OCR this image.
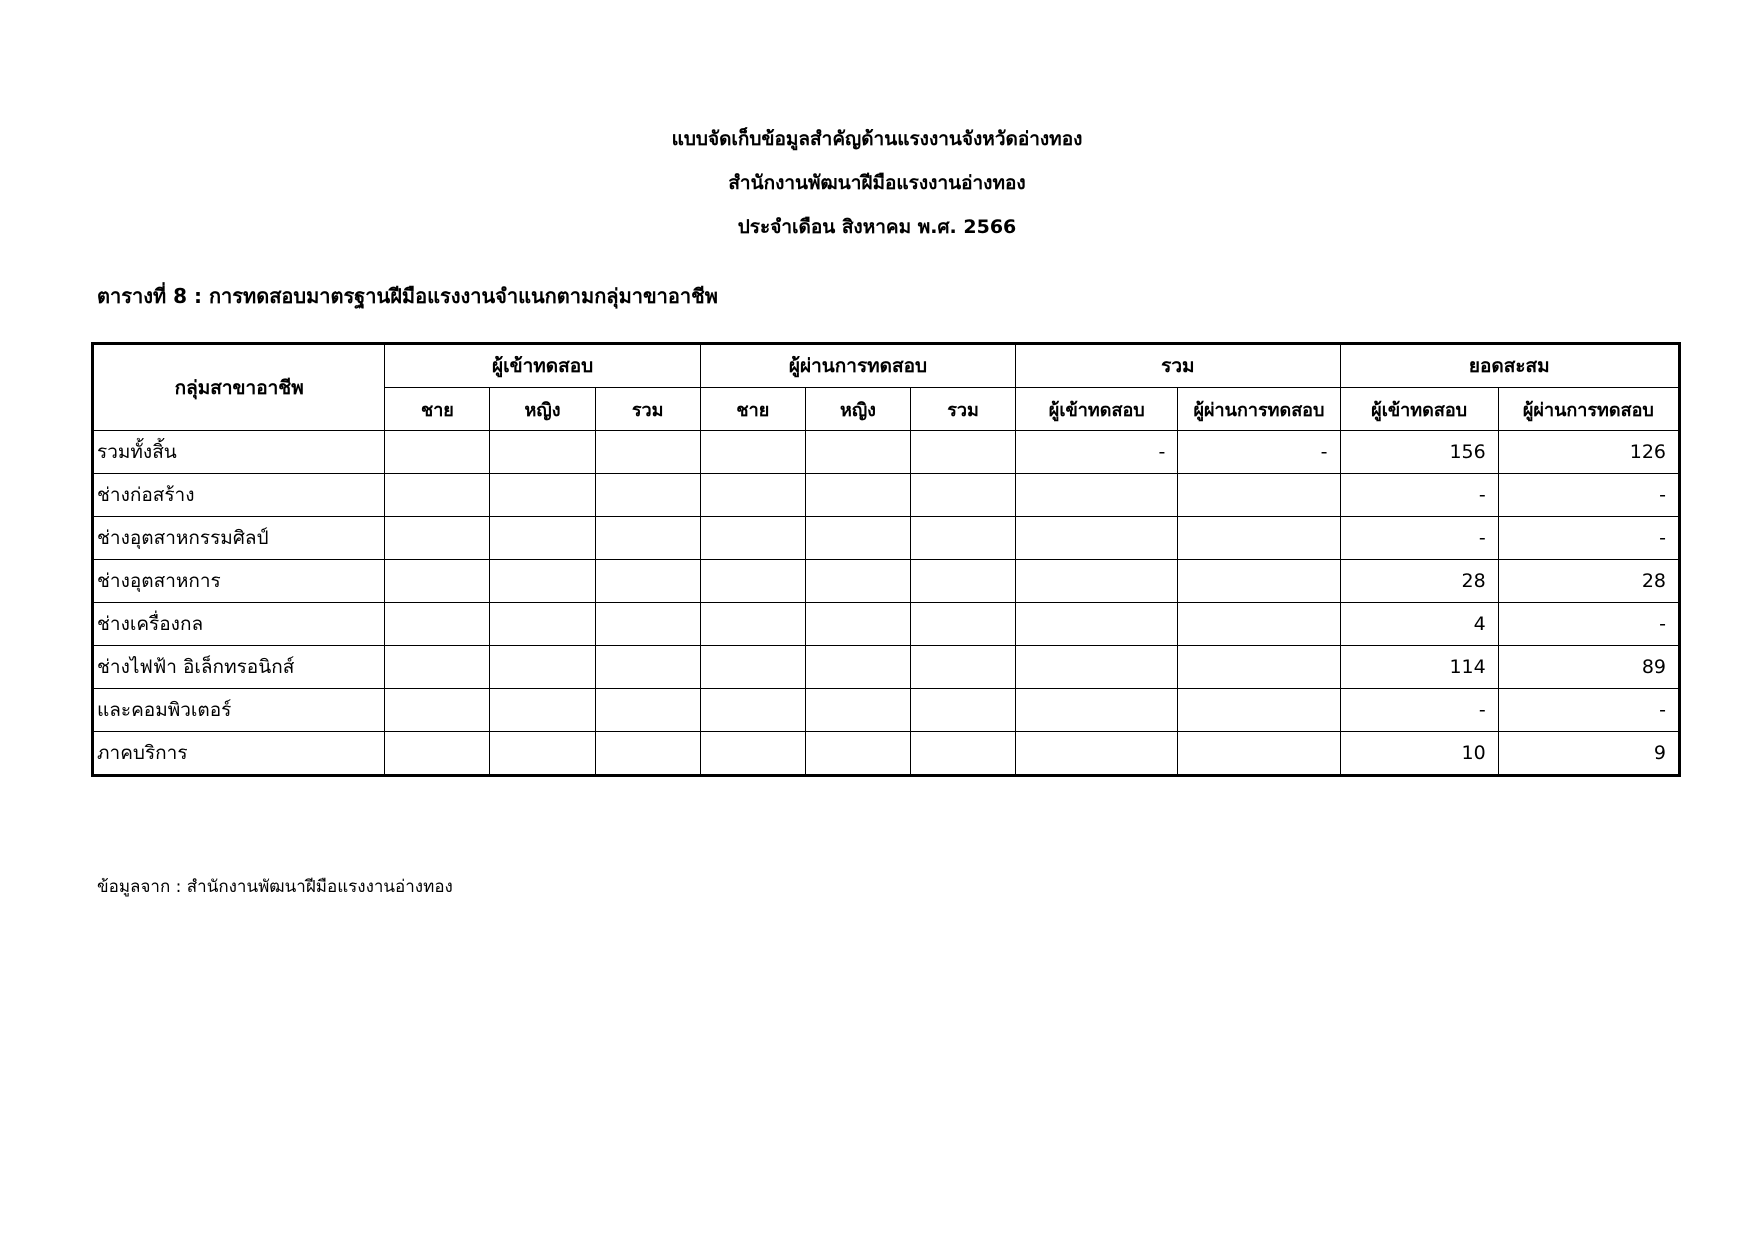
แบบจัดเก็บข้อมูลสำคัญด้านแรงงานจังหวัดอ่างทอง
สำนักงานพัฒนาฝีมือแรงงานอ่างทอง
ประจำเดือน สิงหาคม พ.ศ. 2566
ตารางที่ 8 : การทดสอบมาตรฐานฝีมือแรงงานจำแนกตามกลุ่มาขาอาชีพ
กลุ่มสาขาอาชีพ	ผู้เข้าทดสอบ			ผู้ผ่านการทดสอบ			รวม		ยอดสะสม	
	ชาย	หญิง	รวม	ชาย	หญิง	รวม	ผู้เข้าทดสอบ	ผู้ผ่านการทดสอบ	ผู้เข้าทดสอบ	ผู้ผ่านการทดสอบ
รวมทั้งสิ้น							-	-	156	126
ช่างก่อสร้าง									-	-
ช่างอุตสาหกรรมศิลป์									-	-
ช่างอุตสาหการ									28	28
ช่างเครื่องกล									4	-
ช่างไฟฟ้า อิเล็กทรอนิกส์									114	89
และคอมพิวเตอร์									-	-
ภาคบริการ									10	9
ข้อมูลจาก : สำนักงานพัฒนาฝีมือแรงงานอ่างทอง
